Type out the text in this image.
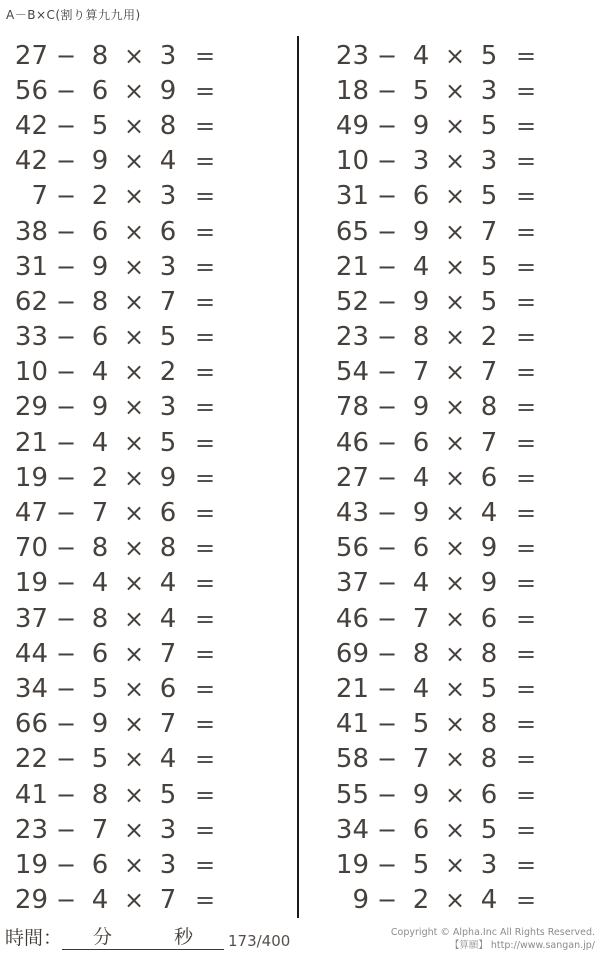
A－B×C(割り算九九用)
27 − 8 × 3 =
56 − 6 × 9 =
42 − 5 × 8 =
42 − 9 × 4 =
7 − 2 × 3 =
38 − 6 × 6 =
31 − 9 × 3 =
62 − 8 × 7 =
33 − 6 × 5 =
10 − 4 × 2 =
29 − 9 × 3 =
21 − 4 × 5 =
19 − 2 × 9 =
47 − 7 × 6 =
70 − 8 × 8 =
19 − 4 × 4 =
37 − 8 × 4 =
44 − 6 × 7 =
34 − 5 × 6 =
66 − 9 × 7 =
22 − 5 × 4 =
41 − 8 × 5 =
23 − 7 × 3 =
19 − 6 × 3 =
29 − 4 × 7 =
23 − 4 × 5 =
18 − 5 × 3 =
49 − 9 × 5 =
10 − 3 × 3 =
31 − 6 × 5 =
65 − 9 × 7 =
21 − 4 × 5 =
52 − 9 × 5 =
23 − 8 × 2 =
54 − 7 × 7 =
78 − 9 × 8 =
46 − 6 × 7 =
27 − 4 × 6 =
43 − 9 × 4 =
56 − 6 × 9 =
37 − 4 × 9 =
46 − 7 × 6 =
69 − 8 × 8 =
21 − 4 × 5 =
41 − 5 × 8 =
58 − 7 × 8 =
55 − 9 × 6 =
34 − 6 × 5 =
19 − 5 × 3 =
9 − 2 × 4 =
時間： 分	秒 173/400	Copyright © Alpha.Inc All Rights Reserved.
【算願】 http://www.sangan.jp/
